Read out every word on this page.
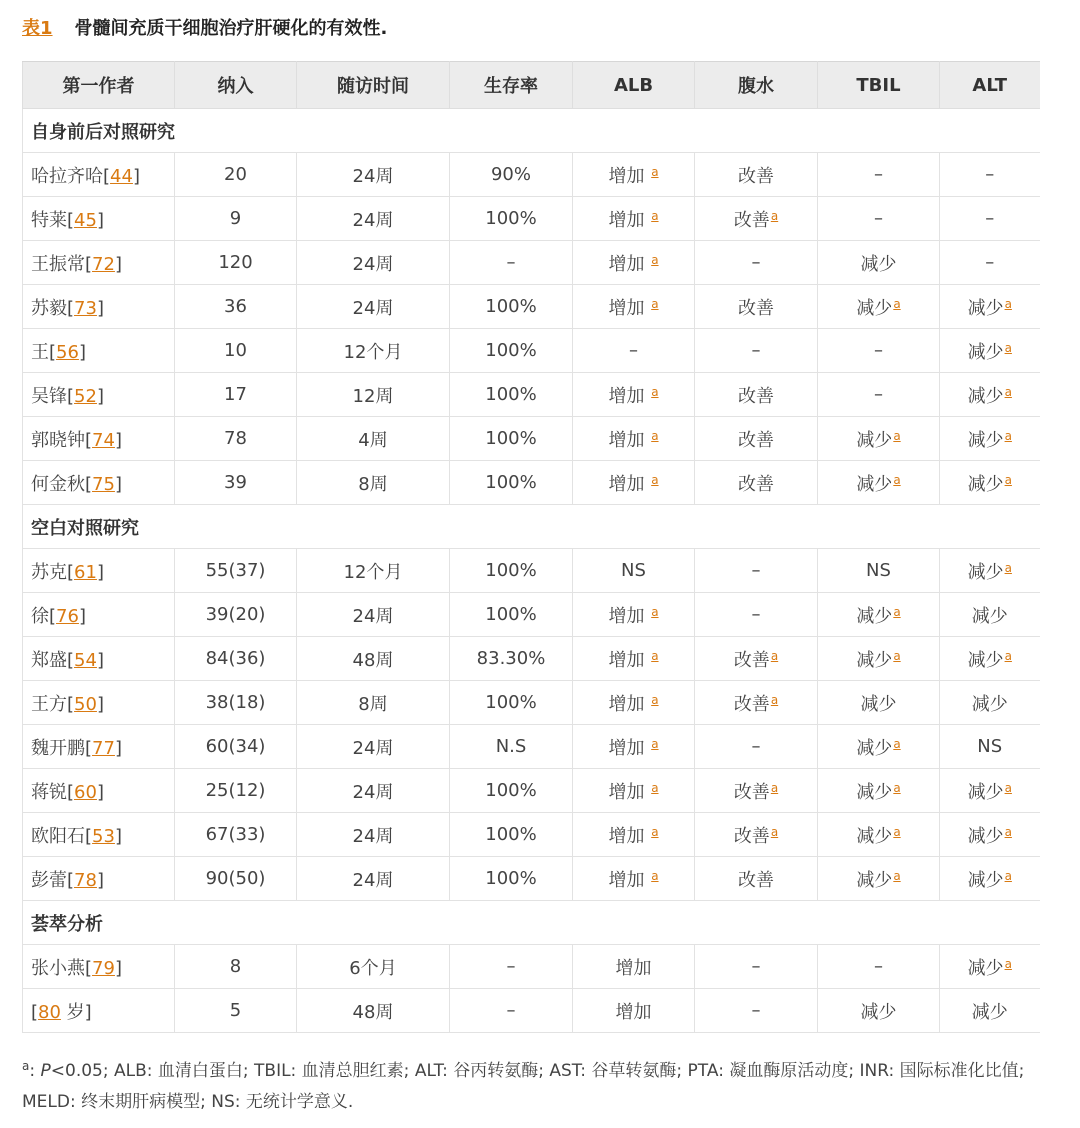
表1 骨髓间充质干细胞治疗肝硬化的有效性.
第一作者	纳入	随访时间	生存率	ALB	腹水	TBIL	ALT
自身前后对照研究							
哈拉齐哈[44]	20	24周	90%	增加 $^a$	改善	–	–
特莱[45]	9	24周	100%	增加 $^a$	改善$^a$	–	–
王振常[72]	120	24周	–	增加 $^a$	–	减少	–
苏毅[73]	36	24周	100%	增加 $^a$	改善	减少$^a$	减少$^a$
王[56]	10	12个月	100%	–	–	–	减少$^a$
吴锋[52]	17	12周	100%	增加 $^a$	改善	–	减少$^a$
郭晓钟[74]	78	4周	100%	增加 $^a$	改善	减少$^a$	减少$^a$
何金秋[75]	39	8周	100%	增加 $^a$	改善	减少$^a$	减少$^a$
空白对照研究							
苏克[61]	55(37)	12个月	100%	NS	–	NS	减少$^a$
徐[76]	39(20)	24周	100%	增加 $^a$	–	减少$^a$	减少
郑盛[54]	84(36)	48周	83.30%	增加 $^a$	改善$^a$	减少$^a$	减少$^a$
王方[50]	38(18)	8周	100%	增加 $^a$	改善$^a$	减少	减少
魏开鹏[77]	60(34)	24周	N.S	增加 $^a$	–	减少$^a$	NS
蒋锐[60]	25(12)	24周	100%	增加 $^a$	改善$^a$	减少$^a$	减少$^a$
欧阳石[53]	67(33)	24周	100%	增加 $^a$	改善$^a$	减少$^a$	减少$^a$
彭蕾[78]	90(50)	24周	100%	增加 $^a$	改善	减少$^a$	减少$^a$
荟萃分析							
张小燕[79]	8	6个月	–	增加	–	–	减少$^a$
[80 岁]	5	48周	–	增加	–	减少	减少
$^a$: P<0.05; ALB: 血清白蛋白; TBIL: 血清总胆红素; ALT: 谷丙转氨酶; AST: 谷草转氨酶; PTA: 凝血酶原活动度; INR: 国际标准化比值; MELD: 终末期肝病模型; NS: 无统计学意义.
